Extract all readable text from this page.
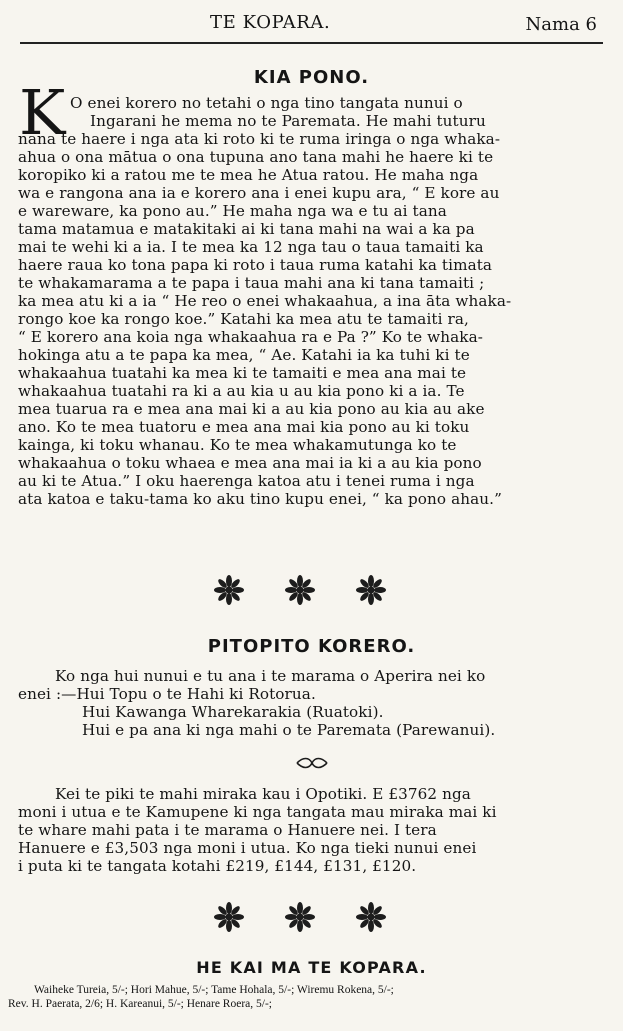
TE KOPARA.	Nama 6
KIA PONO.
K O enei korero no tetahi o nga tino tangata nunui o
Ingarani he mema no te Paremata. He mahi tuturu
nana te haere i nga ata ki roto ki te ruma iringa o nga whaka-
ahua o ona mātua o ona tupuna ano tana mahi he haere ki te
koropiko ki a ratou me te mea he Atua ratou. He maha nga
wa e rangona ana ia e korero ana i enei kupu ara, “ E kore au
e wareware, ka pono au.” He maha nga wa e tu ai tana
tama matamua e matakitaki ai ki tana mahi na wai a ka pa
mai te wehi ki a ia. I te mea ka 12 nga tau o taua tamaiti ka
haere raua ko tona papa ki roto i taua ruma katahi ka timata
te whakamarama a te papa i taua mahi ana ki tana tamaiti ;
ka mea atu ki a ia “ He reo o enei whakaahua, a ina āta whaka-
rongo koe ka rongo koe.” Katahi ka mea atu te tamaiti ra,
“ E korero ana koia nga whakaahua ra e Pa ?” Ko te whaka-
hokinga atu a te papa ka mea, “ Ae. Katahi ia ka tuhi ki te
whakaahua tuatahi ka mea ki te tamaiti e mea ana mai te
whakaahua tuatahi ra ki a au kia u au kia pono ki a ia. Te
mea tuarua ra e mea ana mai ki a au kia pono au kia au ake
ano. Ko te mea tuatoru e mea ana mai kia pono au ki toku
kainga, ki toku whanau. Ko te mea whakamutunga ko te
whakaahua o toku whaea e mea ana mai ia ki a au kia pono
au ki te Atua.” I oku haerenga katoa atu i tenei ruma i nga
ata katoa e taku-tama ko aku tino kupu enei, “ ka pono ahau.”
PITOPITO KORERO.
Ko nga hui nunui e tu ana i te marama o Aperira nei ko
enei :—Hui Topu o te Hahi ki Rotorua.
Hui Kawanga Wharekarakia (Ruatoki).
Hui e pa ana ki nga mahi o te Paremata (Parewanui).
Kei te piki te mahi miraka kau i Opotiki. E £3762 nga
moni i utua e te Kamupene ki nga tangata mau miraka mai ki
te whare mahi pata i te marama o Hanuere nei. I tera
Hanuere e £3,503 nga moni i utua. Ko nga tieki nunui enei
i puta ki te tangata kotahi £219, £144, £131, £120.
HE KAI MA TE KOPARA.
Waiheke Tureia, 5/-; Hori Mahue, 5/-; Tame Hohala, 5/-; Wiremu Rokena, 5/-;
Rev. H. Paerata, 2/6; H. Kareanui, 5/-; Henare Roera, 5/-;
